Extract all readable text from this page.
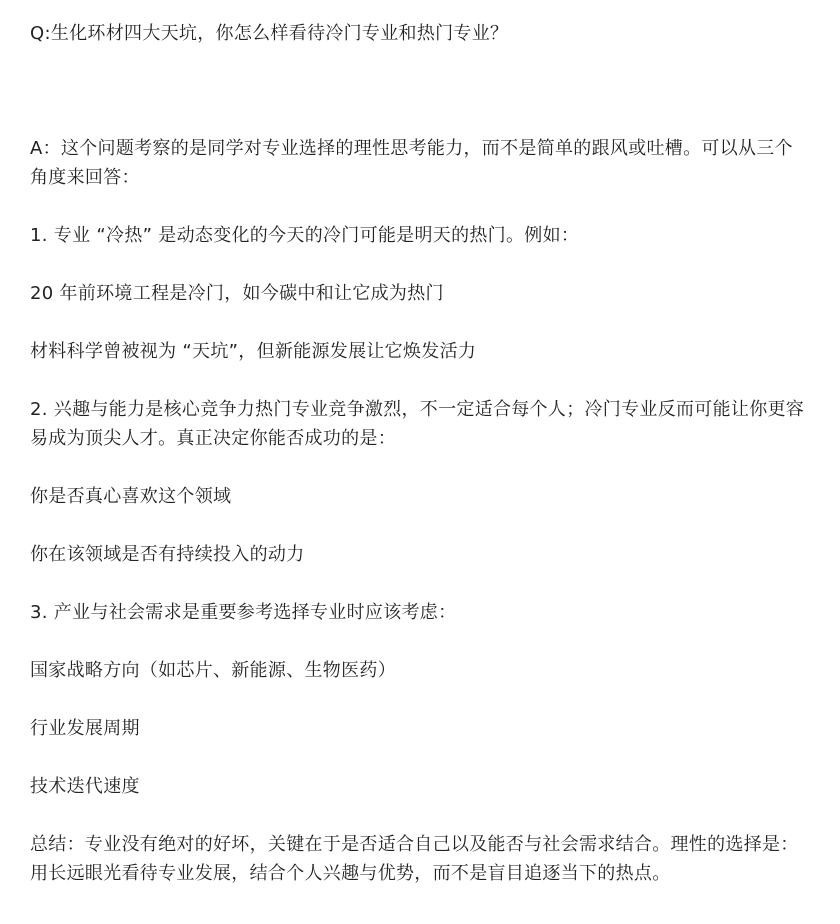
Q:生化环材四大天坑，你怎么样看待冷门专业和热门专业？

A：这个问题考察的是同学对专业选择的理性思考能力，而不是简单的跟风或吐槽。可以从三个角度来回答：

1. 专业 “冷热” 是动态变化的今天的冷门可能是明天的热门。例如：

20 年前环境工程是冷门，如今碳中和让它成为热门

材料科学曾被视为 “天坑”，但新能源发展让它焕发活力

2. 兴趣与能力是核心竞争力热门专业竞争激烈，不一定适合每个人；冷门专业反而可能让你更容易成为顶尖人才。真正决定你能否成功的是：

你是否真心喜欢这个领域

你在该领域是否有持续投入的动力

3. 产业与社会需求是重要参考选择专业时应该考虑：

国家战略方向（如芯片、新能源、生物医药）

行业发展周期

技术迭代速度

总结：专业没有绝对的好坏，关键在于是否适合自己以及能否与社会需求结合。理性的选择是：用长远眼光看待专业发展，结合个人兴趣与优势，而不是盲目追逐当下的热点。
